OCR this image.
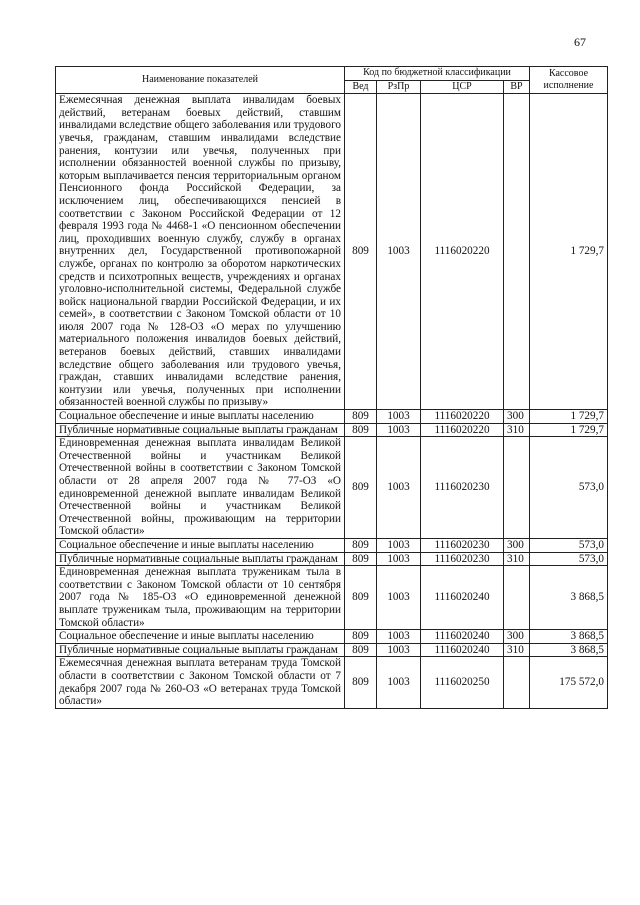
67
Наименование показателей	Код по бюджетной классификации				Кассовое исполнение
	Вед	РзПр	ЦСР	ВР	
Ежемесячная денежная выплата инвалидам боевых действий, ветеранам боевых действий, ставшим инвалидами вследствие общего заболевания или трудового увечья, гражданам, ставшим инвалидами вследствие ранения, контузии или увечья, полученных при исполнении обязанностей военной службы по призыву, которым выплачивается пенсия территориальным органом Пенсионного фонда Российской Федерации, за исключением лиц, обеспечивающихся пенсией в соответствии с Законом Российской Федерации от 12 февраля 1993 года № 4468-1 «О пенсионном обеспечении лиц, проходивших военную службу, службу в органах внутренних дел, Государственной противопожарной службе, органах по контролю за оборотом наркотических средств и психотропных веществ, учреждениях и органах уголовно-исполнительной системы, Федеральной службе войск национальной гвардии Российской Федерации, и их семей», в соответствии с Законом Томской области от 10 июля 2007 года № 128-ОЗ «О мерах по улучшению материального положения инвалидов боевых действий, ветеранов боевых действий, ставших инвалидами вследствие общего заболевания или трудового увечья, граждан, ставших инвалидами вследствие ранения, контузии или увечья, полученных при исполнении обязанностей военной службы по призыву»	809	1003	1116020220		1 729,7
Социальное обеспечение и иные выплаты населению	809	1003	1116020220	300	1 729,7
Публичные нормативные социальные выплаты гражданам	809	1003	1116020220	310	1 729,7
Единовременная денежная выплата инвалидам Великой Отечественной войны и участникам Великой Отечественной войны в соответствии с Законом Томской области от 28 апреля 2007 года № 77-ОЗ «О единовременной денежной выплате инвалидам Великой Отечественной войны и участникам Великой Отечественной войны, проживающим на территории Томской области»	809	1003	1116020230		573,0
Социальное обеспечение и иные выплаты населению	809	1003	1116020230	300	573,0
Публичные нормативные социальные выплаты гражданам	809	1003	1116020230	310	573,0
Единовременная денежная выплата труженикам тыла в соответствии с Законом Томской области от 10 сентября 2007 года № 185-ОЗ «О единовременной денежной выплате труженикам тыла, проживающим на территории Томской области»	809	1003	1116020240		3 868,5
Социальное обеспечение и иные выплаты населению	809	1003	1116020240	300	3 868,5
Публичные нормативные социальные выплаты гражданам	809	1003	1116020240	310	3 868,5
Ежемесячная денежная выплата ветеранам труда Томской области в соответствии с Законом Томской области от 7 декабря 2007 года № 260-ОЗ «О ветеранах труда Томской области»	809	1003	1116020250		175 572,0
